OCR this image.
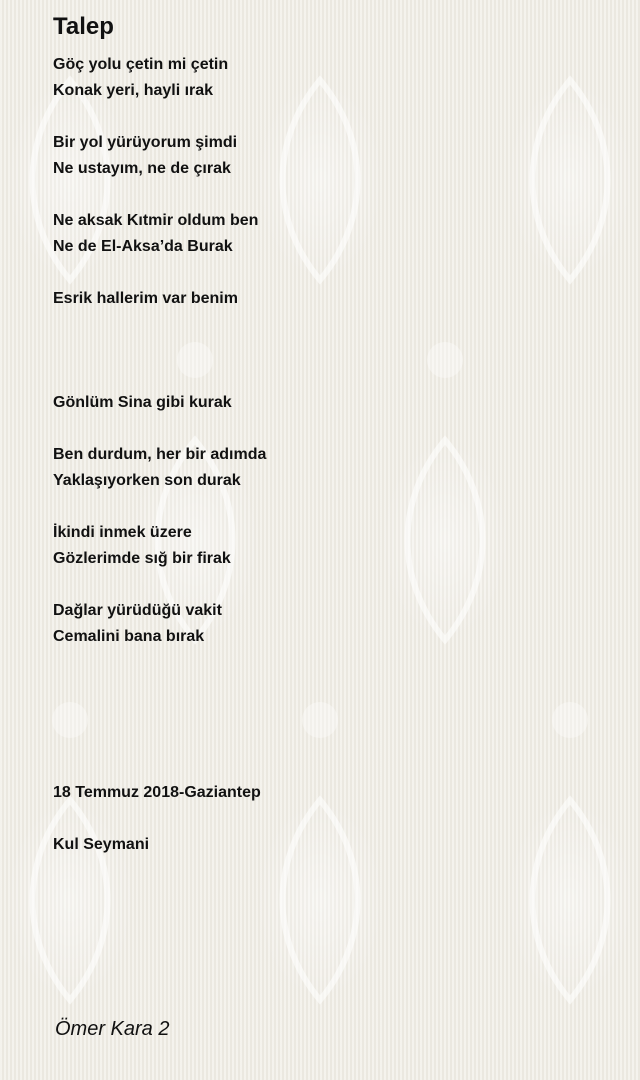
Talep
Göç yolu çetin mi çetin
Konak yeri, hayli ırak
Bir yol yürüyorum şimdi
Ne ustayım, ne de çırak
Ne aksak Kıtmir oldum ben
Ne de El-Aksa’da Burak
Esrik hallerim var benim
Gönlüm Sina gibi kurak
Ben durdum, her bir adımda
Yaklaşıyorken son durak
İkindi inmek üzere
Gözlerimde sığ bir firak
Dağlar yürüdüğü vakit
Cemalini bana bırak
18 Temmuz 2018-Gaziantep
Kul Seymani
Ömer Kara 2
